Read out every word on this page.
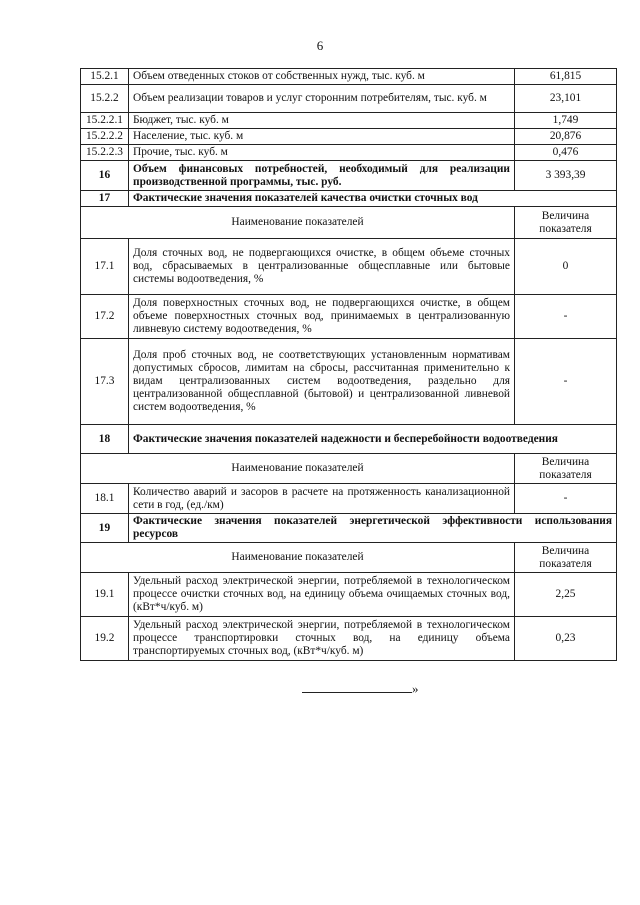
6
15.2.1	Объем отведенных стоков от собственных нужд, тыс. куб. м	61,815
15.2.2	Объем реализации товаров и услуг сторонним потребителям, тыс. куб. м	23,101
15.2.2.1	Бюджет, тыс. куб. м	1,749
15.2.2.2	Население, тыс. куб. м	20,876
15.2.2.3	Прочие, тыс. куб. м	0,476
16	Объем финансовых потребностей, необходимый для реализации производственной программы, тыс. руб.	3 393,39
17	Фактические значения показателей качества очистки сточных вод	
Наименование показателей		Величина показателя
17.1	Доля сточных вод, не подвергающихся очистке, в общем объеме сточных вод, сбрасываемых в централизованные общесплавные или бытовые системы водоотведения, %	0
17.2	Доля поверхностных сточных вод, не подвергающихся очистке, в общем объеме поверхностных сточных вод, принимаемых в централизованную ливневую систему водоотведения, %	-
17.3	Доля проб сточных вод, не соответствующих установленным нормативам допустимых сбросов, лимитам на сбросы, рассчитанная применительно к видам централизованных систем водоотведения, раздельно для централизованной общесплавной (бытовой) и централизованной ливневой систем водоотведения, %	-
18	Фактические значения показателей надежности и бесперебойности водоотведения	
Наименование показателей		Величина показателя
18.1	Количество аварий и засоров в расчете на протяженность канализационной сети в год, (ед./км)	-
19	Фактические значения показателей энергетической эффективности использования ресурсов	
Наименование показателей		Величина показателя
19.1	Удельный расход электрической энергии, потребляемой в технологическом процессе очистки сточных вод, на единицу объема очищаемых сточных вод, (кВт*ч/куб. м)	2,25
19.2	Удельный расход электрической энергии, потребляемой в технологическом процессе транспортировки сточных вод, на единицу объема транспортируемых сточных вод, (кВт*ч/куб. м)	0,23
»
